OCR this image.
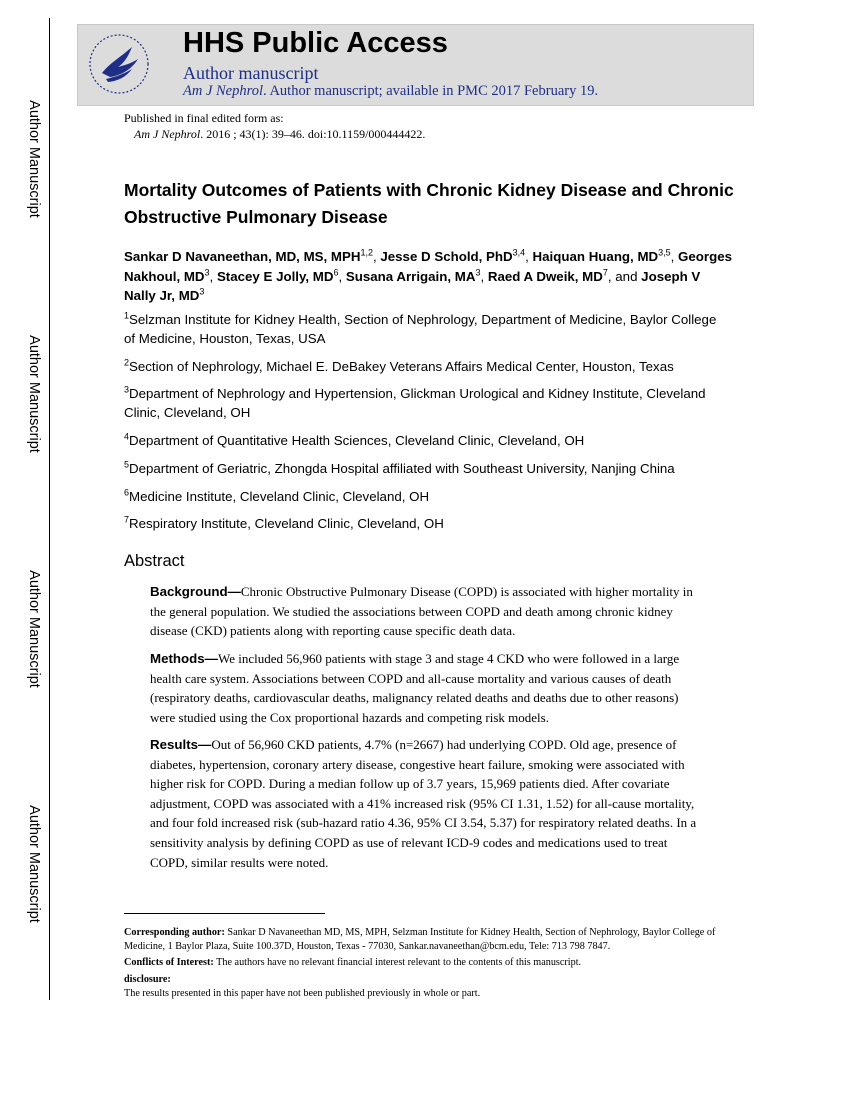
Author Manuscript
Author Manuscript
Author Manuscript
Author Manuscript
HHS Public Access
Author manuscript
Am J Nephrol. Author manuscript; available in PMC 2017 February 19.
Published in final edited form as:
Am J Nephrol. 2016 ; 43(1): 39–46. doi:10.1159/000444422.
Mortality Outcomes of Patients with Chronic Kidney Disease and Chronic Obstructive Pulmonary Disease
Sankar D Navaneethan, MD, MS, MPH$^{1,2}$, Jesse D Schold, PhD$^{3,4}$, Haiquan Huang, MD$^{3,5}$, Georges Nakhoul, $MD^3$, Stacey E Jolly, $MD^6$, Susana Arrigain, $MA^3$, Raed A Dweik, $MD^7$, and Joseph V Nally Jr, $MD^3$
$^1$Selzman Institute for Kidney Health, Section of Nephrology, Department of Medicine, Baylor College of Medicine, Houston, Texas, USA
$^2$Section of Nephrology, Michael E. DeBakey Veterans Affairs Medical Center, Houston, Texas
$^3$Department of Nephrology and Hypertension, Glickman Urological and Kidney Institute, Cleveland Clinic, Cleveland, OH
$^4$Department of Quantitative Health Sciences, Cleveland Clinic, Cleveland, OH
$^5$Department of Geriatric, Zhongda Hospital affiliated with Southeast University, Nanjing China
$^6$Medicine Institute, Cleveland Clinic, Cleveland, OH
$^7$Respiratory Institute, Cleveland Clinic, Cleveland, OH
Abstract
Background—Chronic Obstructive Pulmonary Disease (COPD) is associated with higher mortality in the general population. We studied the associations between COPD and death among chronic kidney disease (CKD) patients along with reporting cause specific death data.
Methods—We included 56,960 patients with stage 3 and stage 4 CKD who were followed in a large health care system. Associations between COPD and all-cause mortality and various causes of death (respiratory deaths, cardiovascular deaths, malignancy related deaths and deaths due to other reasons) were studied using the Cox proportional hazards and competing risk models.
Results—Out of 56,960 CKD patients, 4.7% (n=2667) had underlying COPD. Old age, presence of diabetes, hypertension, coronary artery disease, congestive heart failure, smoking were associated with higher risk for COPD. During a median follow up of 3.7 years, 15,969 patients died. After covariate adjustment, COPD was associated with a 41% increased risk (95% CI 1.31, 1.52) for all-cause mortality, and four fold increased risk (sub-hazard ratio 4.36, 95% CI 3.54, 5.37) for respiratory related deaths. In a sensitivity analysis by defining COPD as use of relevant ICD-9 codes and medications used to treat COPD, similar results were noted.
Corresponding author: Sankar D Navaneethan MD, MS, MPH, Selzman Institute for Kidney Health, Section of Nephrology, Baylor College of Medicine, 1 Baylor Plaza, Suite 100.37D, Houston, Texas - 77030, Sankar.navaneethan@bcm.edu, Tele: 713 798 7847.
Conflicts of Interest: The authors have no relevant financial interest relevant to the contents of this manuscript.
disclosure:
The results presented in this paper have not been published previously in whole or part.
